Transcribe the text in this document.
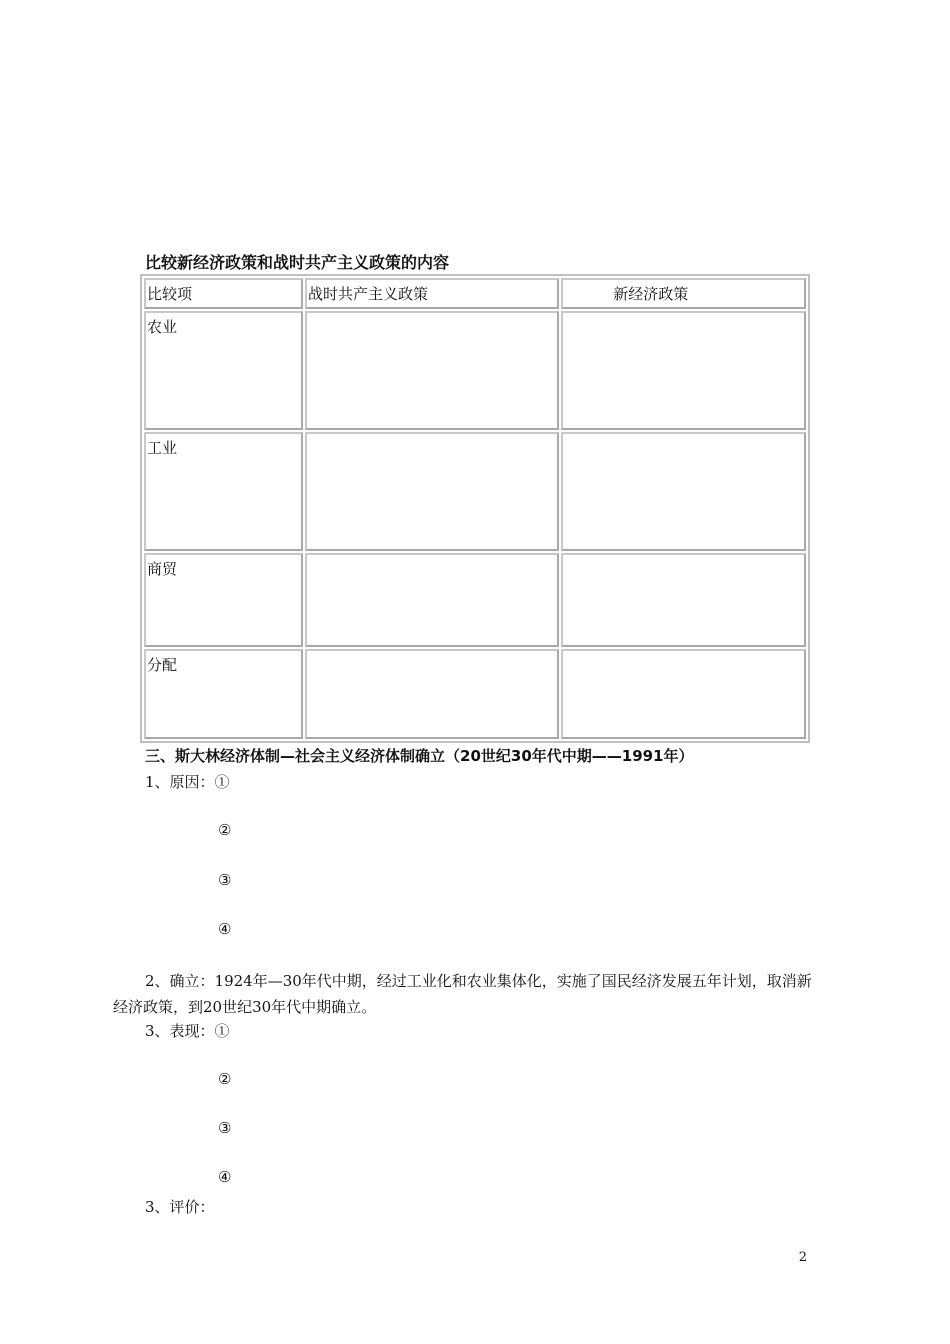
比较新经济政策和战时共产主义政策的内容
比较项	战时共产主义政策	新经济政策
农业		
工业		
商贸		
分配		
三、斯大林经济体制—社会主义经济体制确立（20世纪30年代中期——1991年）
1、原因：①
②
③
④
2、确立：1924年—30年代中期，经过工业化和农业集体化，实施了国民经济发展五年计划，取消新经济政策，到20世纪30年代中期确立。
3、表现：①
②
③
④
3、评价：
2
